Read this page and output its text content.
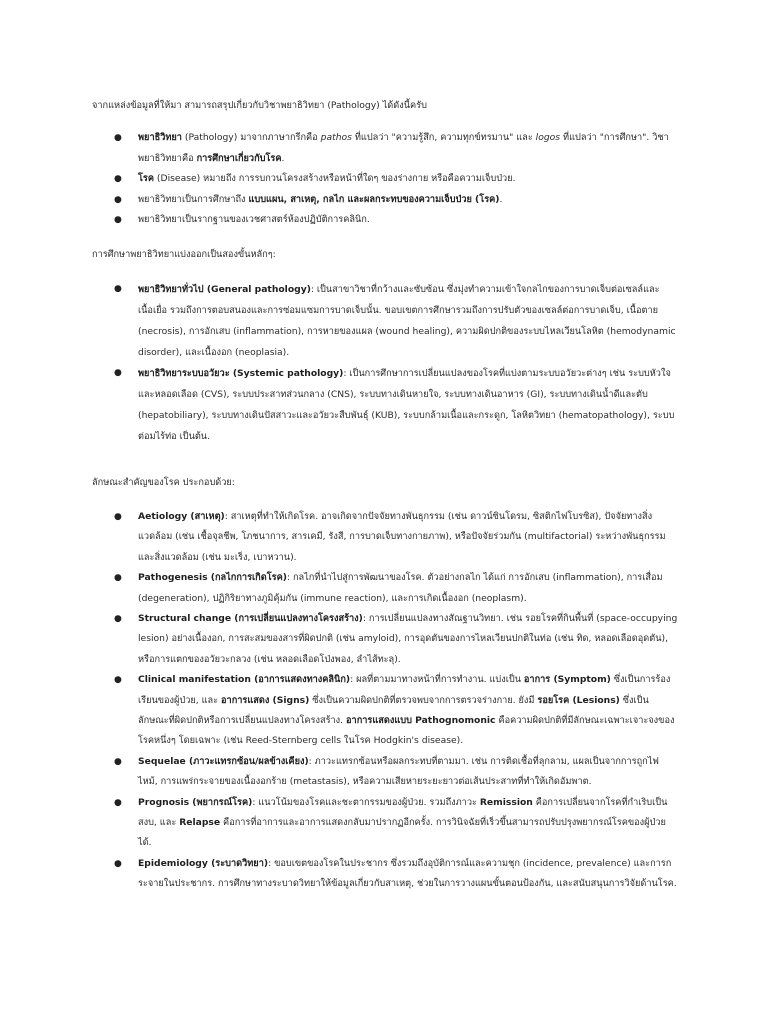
จากแหล่งข้อมูลที่ให้มา สามารถสรุปเกี่ยวกับวิชาพยาธิวิทยา (Pathology) ได้ดังนี้ครับ

● พยาธิวิทยา (Pathology) มาจากภาษากรีกคือ pathos ที่แปลว่า "ความรู้สึก, ความทุกข์ทรมาน" และ logos ที่แปลว่า "การศึกษา". วิชาพยาธิวิทยาคือ การศึกษาเกี่ยวกับโรค.
● โรค (Disease) หมายถึง การรบกวนโครงสร้างหรือหน้าที่ใดๆ ของร่างกาย หรือคือความเจ็บป่วย.
● พยาธิวิทยาเป็นการศึกษาถึง แบบแผน, สาเหตุ, กลไก และผลกระทบของความเจ็บป่วย (โรค).
● พยาธิวิทยาเป็นรากฐานของเวชศาสตร์ห้องปฏิบัติการคลินิก.

การศึกษาพยาธิวิทยาแบ่งออกเป็นสองขั้นหลักๆ:

● พยาธิวิทยาทั่วไป (General pathology): เป็นสาขาวิชาที่กว้างและซับซ้อน ซึ่งมุ่งทำความเข้าใจกลไกของการบาดเจ็บต่อเซลล์และเนื้อเยื่อ รวมถึงการตอบสนองและการซ่อมแซมการบาดเจ็บนั้น. ขอบเขตการศึกษารวมถึงการปรับตัวของเซลล์ต่อการบาดเจ็บ, เนื้อตาย (necrosis), การอักเสบ (inflammation), การหายของแผล (wound healing), ความผิดปกติของระบบไหลเวียนโลหิต (hemodynamic disorder), และเนื้องอก (neoplasia).
● พยาธิวิทยาระบบอวัยวะ (Systemic pathology): เป็นการศึกษาการเปลี่ยนแปลงของโรคที่แบ่งตามระบบอวัยวะต่างๆ เช่น ระบบหัวใจและหลอดเลือด (CVS), ระบบประสาทส่วนกลาง (CNS), ระบบทางเดินหายใจ, ระบบทางเดินอาหาร (GI), ระบบทางเดินน้ำดีและตับ (hepatobiliary), ระบบทางเดินปัสสาวะและอวัยวะสืบพันธุ์ (KUB), ระบบกล้ามเนื้อและกระดูก, โลหิตวิทยา (hematopathology), ระบบต่อมไร้ท่อ เป็นต้น.

ลักษณะสำคัญของโรค ประกอบด้วย:

● Aetiology (สาเหตุ): สาเหตุที่ทำให้เกิดโรค. อาจเกิดจากปัจจัยทางพันธุกรรม (เช่น ดาวน์ซินโดรม, ซิสติกไฟโบรซิส), ปัจจัยทางสิ่งแวดล้อม (เช่น เชื้อจุลชีพ, โภชนาการ, สารเคมี, รังสี, การบาดเจ็บทางกายภาพ), หรือปัจจัยร่วมกัน (multifactorial) ระหว่างพันธุกรรมและสิ่งแวดล้อม (เช่น มะเร็ง, เบาหวาน).
● Pathogenesis (กลไกการเกิดโรค): กลไกที่นำไปสู่การพัฒนาของโรค. ตัวอย่างกลไก ได้แก่ การอักเสบ (inflammation), การเสื่อม (degeneration), ปฏิกิริยาทางภูมิคุ้มกัน (immune reaction), และการเกิดเนื้องอก (neoplasm).
● Structural change (การเปลี่ยนแปลงทางโครงสร้าง): การเปลี่ยนแปลงทางสัณฐานวิทยา. เช่น รอยโรคที่กินพื้นที่ (space-occupying lesion) อย่างเนื้องอก, การสะสมของสารที่ผิดปกติ (เช่น amyloid), การอุดตันของการไหลเวียนปกติในท่อ (เช่น ทิด, หลอดเลือดอุดตัน), หรือการแตกของอวัยวะกลวง (เช่น หลอดเลือดโป่งพอง, ลำไส้ทะลุ).
● Clinical manifestation (อาการแสดงทางคลินิก): ผลที่ตามมาทางหน้าที่การทำงาน. แบ่งเป็น อาการ (Symptom) ซึ่งเป็นการร้องเรียนของผู้ป่วย, และ อาการแสดง (Signs) ซึ่งเป็นความผิดปกติที่ตรวจพบจากการตรวจร่างกาย. ยังมี รอยโรค (Lesions) ซึ่งเป็นลักษณะที่ผิดปกติหรือการเปลี่ยนแปลงทางโครงสร้าง. อาการแสดงแบบ Pathognomonic คือความผิดปกติที่มีลักษณะเฉพาะเจาะจงของโรคหนึ่งๆ โดยเฉพาะ (เช่น Reed-Sternberg cells ในโรค Hodgkin's disease).
● Sequelae (ภาวะแทรกซ้อน/ผลข้างเคียง): ภาวะแทรกซ้อนหรือผลกระทบที่ตามมา. เช่น การติดเชื้อที่ลุกลาม, แผลเป็นจากการถูกไฟไหม้, การแพร่กระจายของเนื้องอกร้าย (metastasis), หรือความเสียหายระยะยาวต่อเส้นประสาทที่ทำให้เกิดอัมพาต.
● Prognosis (พยากรณ์โรค): แนวโน้มของโรคและชะตากรรมของผู้ป่วย. รวมถึงภาวะ Remission คือการเปลี่ยนจากโรคที่กำเริบเป็นสงบ, และ Relapse คือการที่อาการและอาการแสดงกลับมาปรากฏอีกครั้ง. การวินิจฉัยที่เร็วขึ้นสามารถปรับปรุงพยากรณ์โรคของผู้ป่วยได้.
● Epidemiology (ระบาดวิทยา): ขอบเขตของโรคในประชากร ซึ่งรวมถึงอุบัติการณ์และความชุก (incidence, prevalence) และการกระจายในประชากร. การศึกษาทางระบาดวิทยาให้ข้อมูลเกี่ยวกับสาเหตุ, ช่วยในการวางแผนขั้นตอนป้องกัน, และสนับสนุนการวิจัยด้านโรค.
